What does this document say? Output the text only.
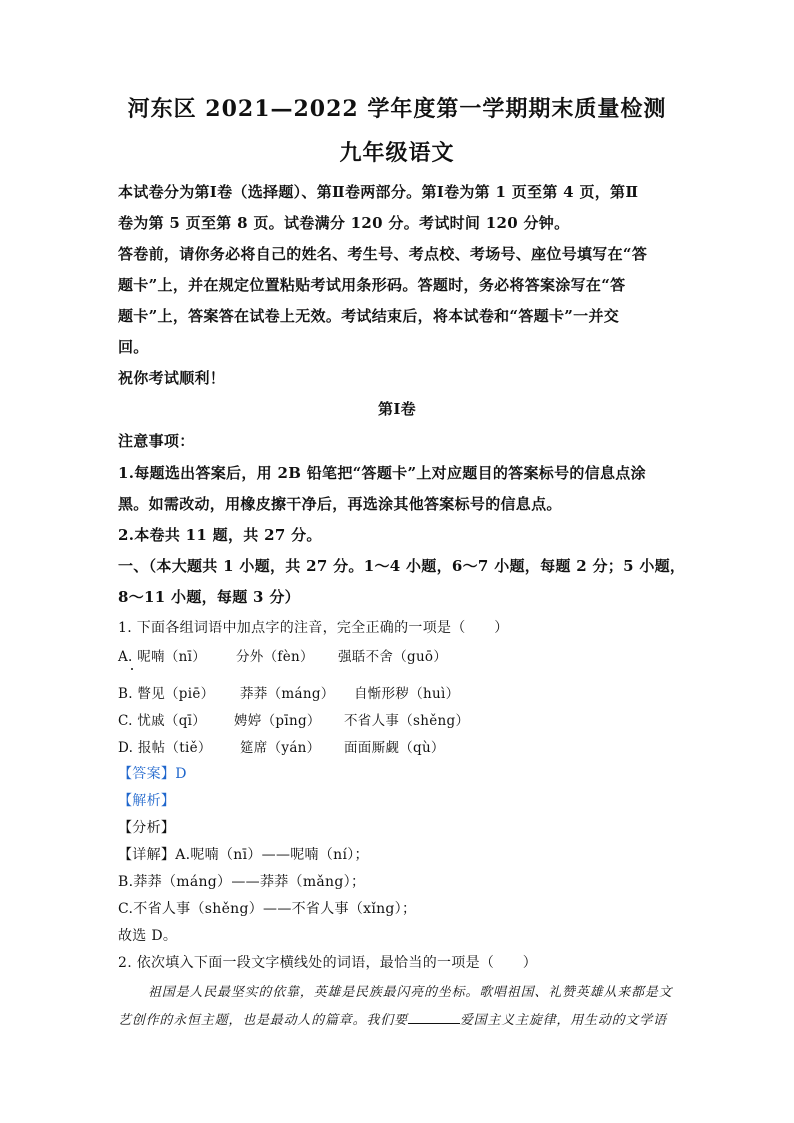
河东区 2021—2022 学年度第一学期期末质量检测
九年级语文
本试卷分为第Ⅰ卷（选择题）、第Ⅱ卷两部分。第Ⅰ卷为第 1 页至第 4 页，第Ⅱ
卷为第 5 页至第 8 页。试卷满分 120 分。考试时间 120 分钟。
答卷前，请你务必将自己的姓名、考生号、考点校、考场号、座位号填写在“答
题卡”上，并在规定位置粘贴考试用条形码。答题时，务必将答案涂写在“答
题卡”上，答案答在试卷上无效。考试结束后，将本试卷和“答题卡”一并交
回。
祝你考试顺利！
第Ⅰ卷
注意事项：
1.每题选出答案后，用 2B 铅笔把“答题卡”上对应题目的答案标号的信息点涂
黑。如需改动，用橡皮擦干净后，再选涂其他答案标号的信息点。
2.本卷共 11 题，共 27 分。
一、（本大题共 1 小题，共 27 分。1～4 小题，6～7 小题，每题 2 分；5 小题，
8～11 小题，每题 3 分）
1. 下面各组词语中加点字的注音，完全正确的一项是（　　）
A. 呢喃（nī） 分外（fèn） 强聒不舍（guō）
B. 瞥见（piē） 莽莽（máng） 自惭形秽（huì）
C. 忧戚（qī） 娉婷（pīng） 不省人事（shěng）
D. 报帖（tiě） 筵席（yán） 面面厮觑（qù）
【答案】D
【解析】
【分析】
【详解】A.呢喃（nī）——呢喃（ní）；
B.莽莽（máng）——莽莽（mǎng）；
C.不省人事（shěng）——不省人事（xǐng）；
故选 D。
2. 依次填入下面一段文字横线处的词语，最恰当的一项是（　　）
祖国是人民最坚实的依靠，英雄是民族最闪亮的坐标。歌唱祖国、礼赞英雄从来都是文
艺创作的永恒主题，也是最动人的篇章。我们要	爱国主义主旋律，用生动的文学语
